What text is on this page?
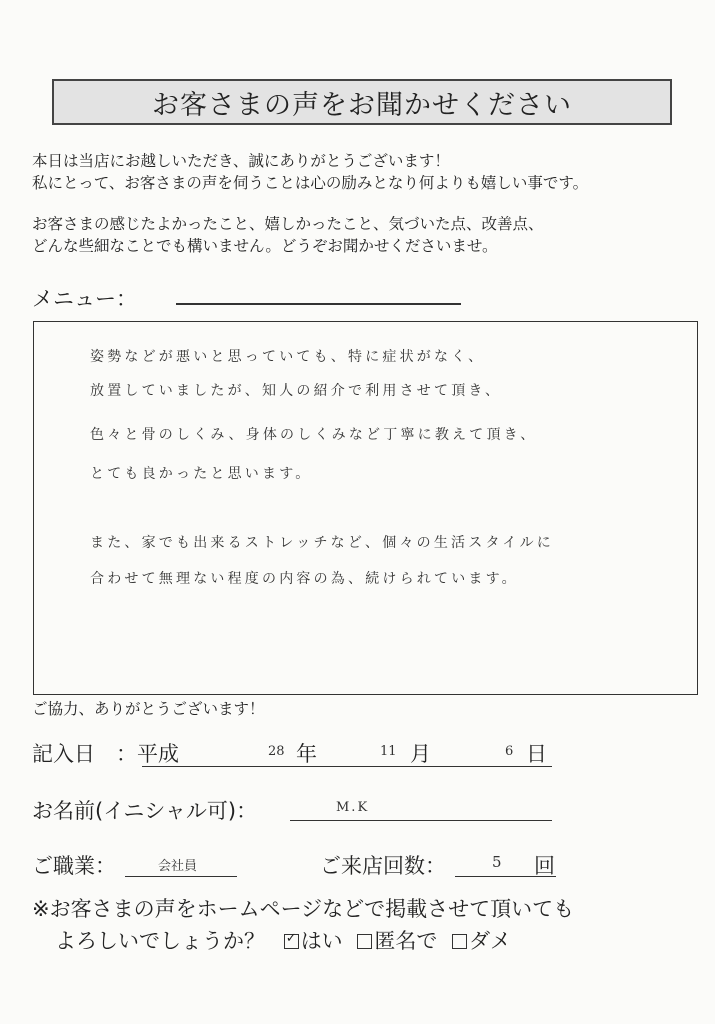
お客さまの声をお聞かせください
本日は当店にお越しいただき、誠にありがとうございます！
私にとって、お客さまの声を伺うことは心の励みとなり何よりも嬉しい事です。
お客さまの感じたよかったこと、嬉しかったこと、気づいた点、改善点、
どんな些細なことでも構いません。どうぞお聞かせくださいませ。
メニュー：
姿勢などが悪いと思っていても、特に症状がなく、
放置していましたが、知人の紹介で利用させて頂き、
色々と骨のしくみ、身体のしくみなど丁寧に教えて頂き、
とても良かったと思います。
また、家でも出来るストレッチなど、個々の生活スタイルに
合わせて無理ない程度の内容の為、続けられています。
ご協力、ありがとうございます！
記入日　：平成	28 年	11 月	6 日
お名前(イニシャル可)：	M.K
ご職業：	会社員	ご来店回数：	5 回
※お客さまの声をホームページなどで掲載させて頂いても
よろしいでしょうか？ ✓ はい 匿名で ダメ
